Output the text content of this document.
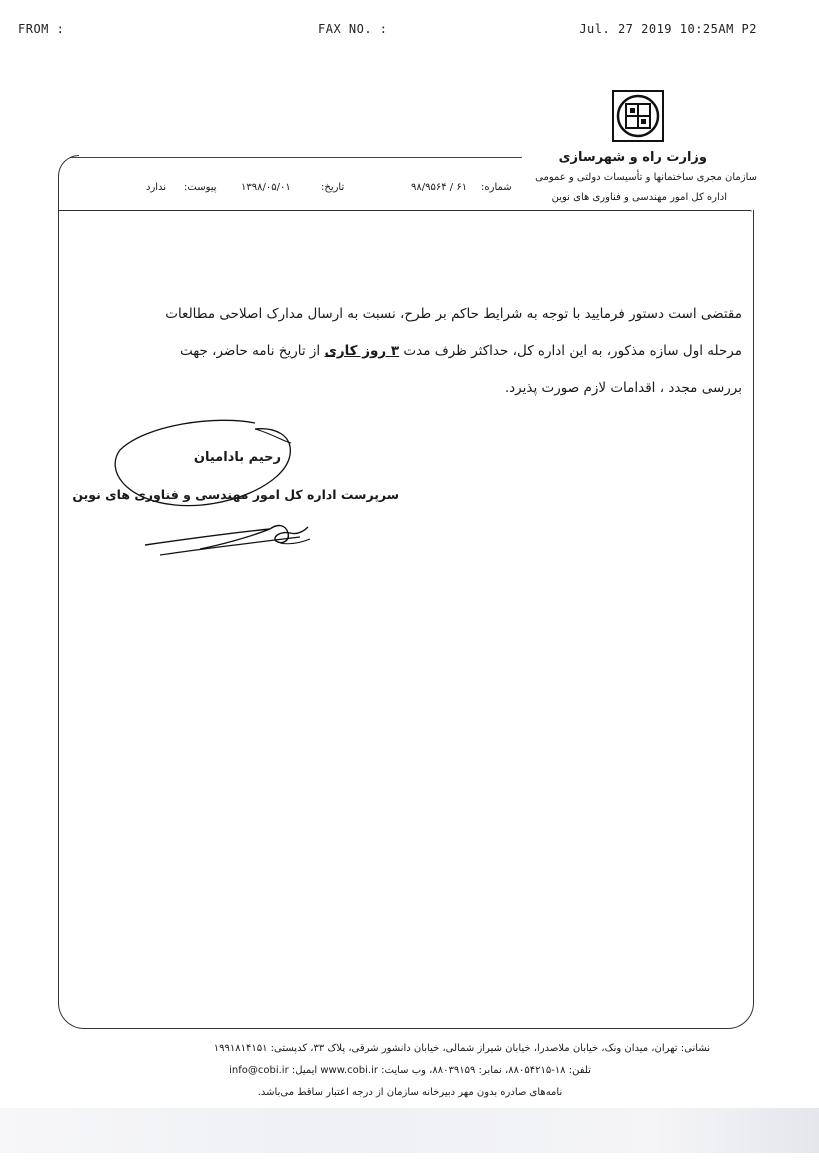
FROM :	FAX NO. :	Jul. 27 2019 10:25AM P2
وزارت راه و شهرسازی
سازمان مجری ساختمانها و تأسیسات دولتی و عمومی
اداره کل امور مهندسی و فناوری های نوین
شماره:
۶۱ / ۹۸/۹۵۶۴
تاریخ:
۱۳۹۸/۰۵/۰۱
پیوست:
ندارد

مقتضی است دستور فرمایید با توجه به شرایط حاکم بر طرح، نسبت به ارسال مدارک اصلاحی مطالعات

مرحله اول سازه مذکور، به این اداره کل، حداکثر ظرف مدت ۳ روز کاری از تاریخ نامه حاضر، جهت

بررسی مجدد ، اقدامات لازم صورت پذیرد.

رحیم بادامیان
سرپرست اداره کل امور مهندسی و فناوری های نوین

نشانی: تهران، میدان ونک، خیابان ملاصدرا، خیابان شیراز شمالی، خیابان دانشور شرقی، پلاک ۳۳، کدپستی: ۱۹۹۱۸۱۴۱۵۱

تلفن: ۱۸-۸۸۰۵۴۲۱۵، نمابر: ۸۸۰۳۹۱۵۹، وب سایت: www.cobi.ir ایمیل: info@cobi.ir

نامه‌های صادره بدون مهر دبیرخانه سازمان از درجه اعتبار ساقط می‌باشد.
